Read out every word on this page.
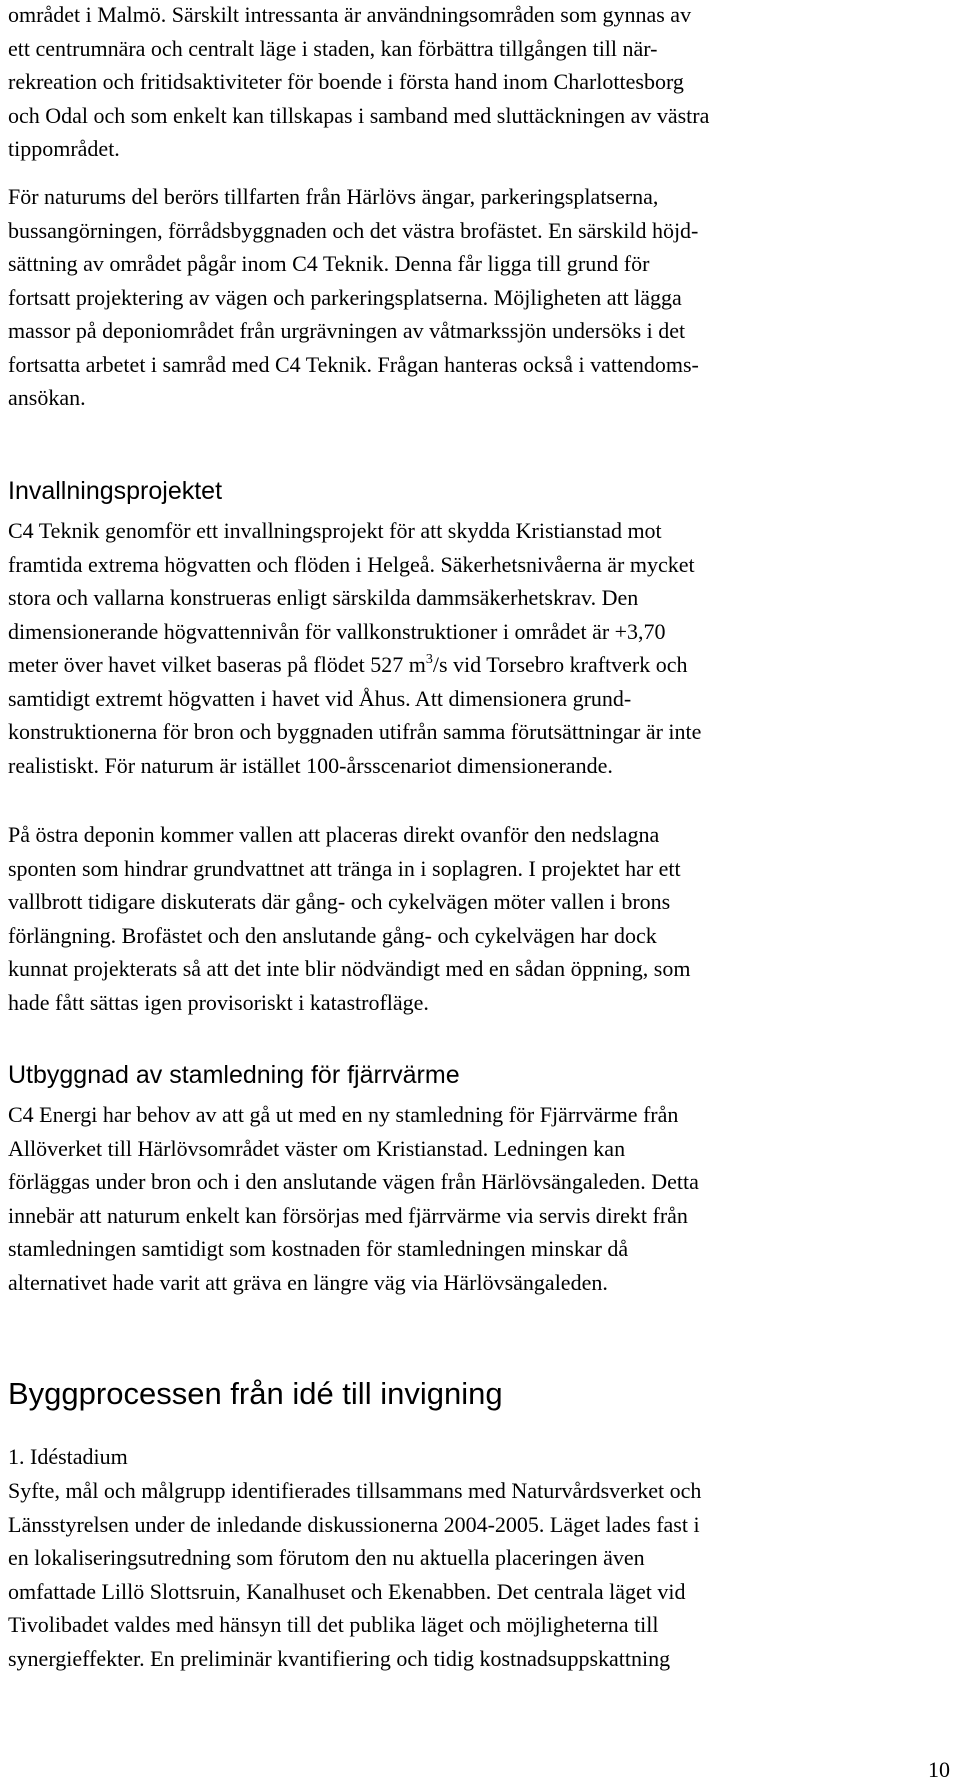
området i Malmö. Särskilt intressanta är användningsområden som gynnas av
ett centrumnära och centralt läge i staden, kan förbättra tillgången till när-
rekreation och fritidsaktiviteter för boende i första hand inom Charlottesborg
och Odal och som enkelt kan tillskapas i samband med sluttäckningen av västra
tippområdet.
För naturums del berörs tillfarten från Härlövs ängar, parkeringsplatserna,
bussangörningen, förrådsbyggnaden och det västra brofästet. En särskild höjd-
sättning av området pågår inom C4 Teknik. Denna får ligga till grund för
fortsatt projektering av vägen och parkeringsplatserna. Möjligheten att lägga
massor på deponiområdet från urgrävningen av våtmarkssjön undersöks i det
fortsatta arbetet i samråd med C4 Teknik. Frågan hanteras också i vattendoms-
ansökan.
Invallningsprojektet
C4 Teknik genomför ett invallningsprojekt för att skydda Kristianstad mot
framtida extrema högvatten och flöden i Helgeå. Säkerhetsnivåerna är mycket
stora och vallarna konstrueras enligt särskilda dammsäkerhetskrav. Den
dimensionerande högvattennivån för vallkonstruktioner i området är +3,70
meter över havet vilket baseras på flödet 527 $m^3/s$ vid Torsebro kraftverk och
samtidigt extremt högvatten i havet vid Åhus. Att dimensionera grund-
konstruktionerna för bron och byggnaden utifrån samma förutsättningar är inte
realistiskt. För naturum är istället 100-årsscenariot dimensionerande.
På östra deponin kommer vallen att placeras direkt ovanför den nedslagna
sponten som hindrar grundvattnet att tränga in i soplagren. I projektet har ett
vallbrott tidigare diskuterats där gång- och cykelvägen möter vallen i brons
förlängning. Brofästet och den anslutande gång- och cykelvägen har dock
kunnat projekterats så att det inte blir nödvändigt med en sådan öppning, som
hade fått sättas igen provisoriskt i katastrofläge.
Utbyggnad av stamledning för fjärrvärme
C4 Energi har behov av att gå ut med en ny stamledning för Fjärrvärme från
Allöverket till Härlövsområdet väster om Kristianstad. Ledningen kan
förläggas under bron och i den anslutande vägen från Härlövsängaleden. Detta
innebär att naturum enkelt kan försörjas med fjärrvärme via servis direkt från
stamledningen samtidigt som kostnaden för stamledningen minskar då
alternativet hade varit att gräva en längre väg via Härlövsängaleden.
Byggprocessen från idé till invigning
1. Idéstadium
Syfte, mål och målgrupp identifierades tillsammans med Naturvårdsverket och
Länsstyrelsen under de inledande diskussionerna 2004-2005. Läget lades fast i
en lokaliseringsutredning som förutom den nu aktuella placeringen även
omfattade Lillö Slottsruin, Kanalhuset och Ekenabben. Det centrala läget vid
Tivolibadet valdes med hänsyn till det publika läget och möjligheterna till
synergieffekter. En preliminär kvantifiering och tidig kostnadsuppskattning
10
